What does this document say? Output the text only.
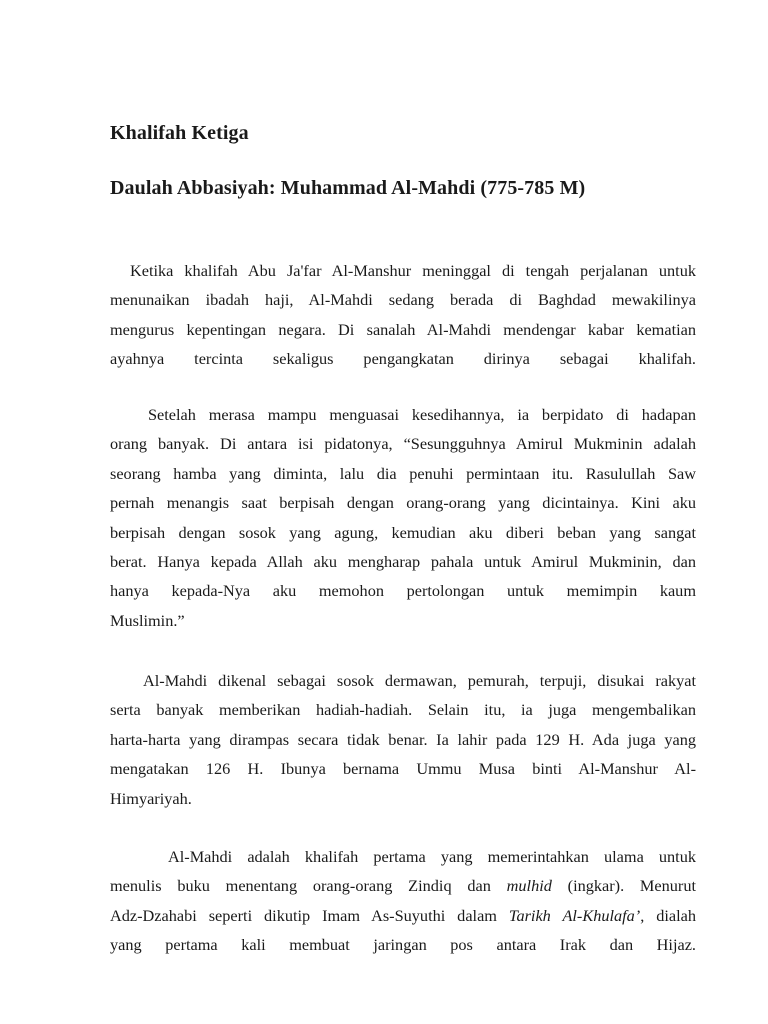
Khalifah Ketiga
Daulah Abbasiyah: Muhammad Al-Mahdi (775-785 M)
Ketika khalifah Abu Ja'far Al-Manshur meninggal di tengah perjalanan untuk
menunaikan ibadah haji, Al-Mahdi sedang berada di Baghdad mewakilinya
mengurus kepentingan negara. Di sanalah Al-Mahdi mendengar kabar kematian
ayahnya tercinta sekaligus pengangkatan dirinya sebagai khalifah.
Setelah merasa mampu menguasai kesedihannya, ia berpidato di hadapan
orang banyak. Di antara isi pidatonya, “Sesungguhnya Amirul Mukminin adalah
seorang hamba yang diminta, lalu dia penuhi permintaan itu. Rasulullah Saw
pernah menangis saat berpisah dengan orang-orang yang dicintainya. Kini aku
berpisah dengan sosok yang agung, kemudian aku diberi beban yang sangat
berat. Hanya kepada Allah aku mengharap pahala untuk Amirul Mukminin, dan
hanya kepada-Nya aku memohon pertolongan untuk memimpin kaum
Muslimin.”
Al-Mahdi dikenal sebagai sosok dermawan, pemurah, terpuji, disukai rakyat
serta banyak memberikan hadiah-hadiah. Selain itu, ia juga mengembalikan
harta-harta yang dirampas secara tidak benar. Ia lahir pada 129 H. Ada juga yang
mengatakan 126 H. Ibunya bernama Ummu Musa binti Al-Manshur Al-
Himyariyah.
Al-Mahdi adalah khalifah pertama yang memerintahkan ulama untuk
menulis buku menentang orang-orang Zindiq dan mulhid (ingkar). Menurut
Adz-Dzahabi seperti dikutip Imam As-Suyuthi dalam Tarikh Al-Khulafa’, dialah
yang pertama kali membuat jaringan pos antara Irak dan Hijaz.
